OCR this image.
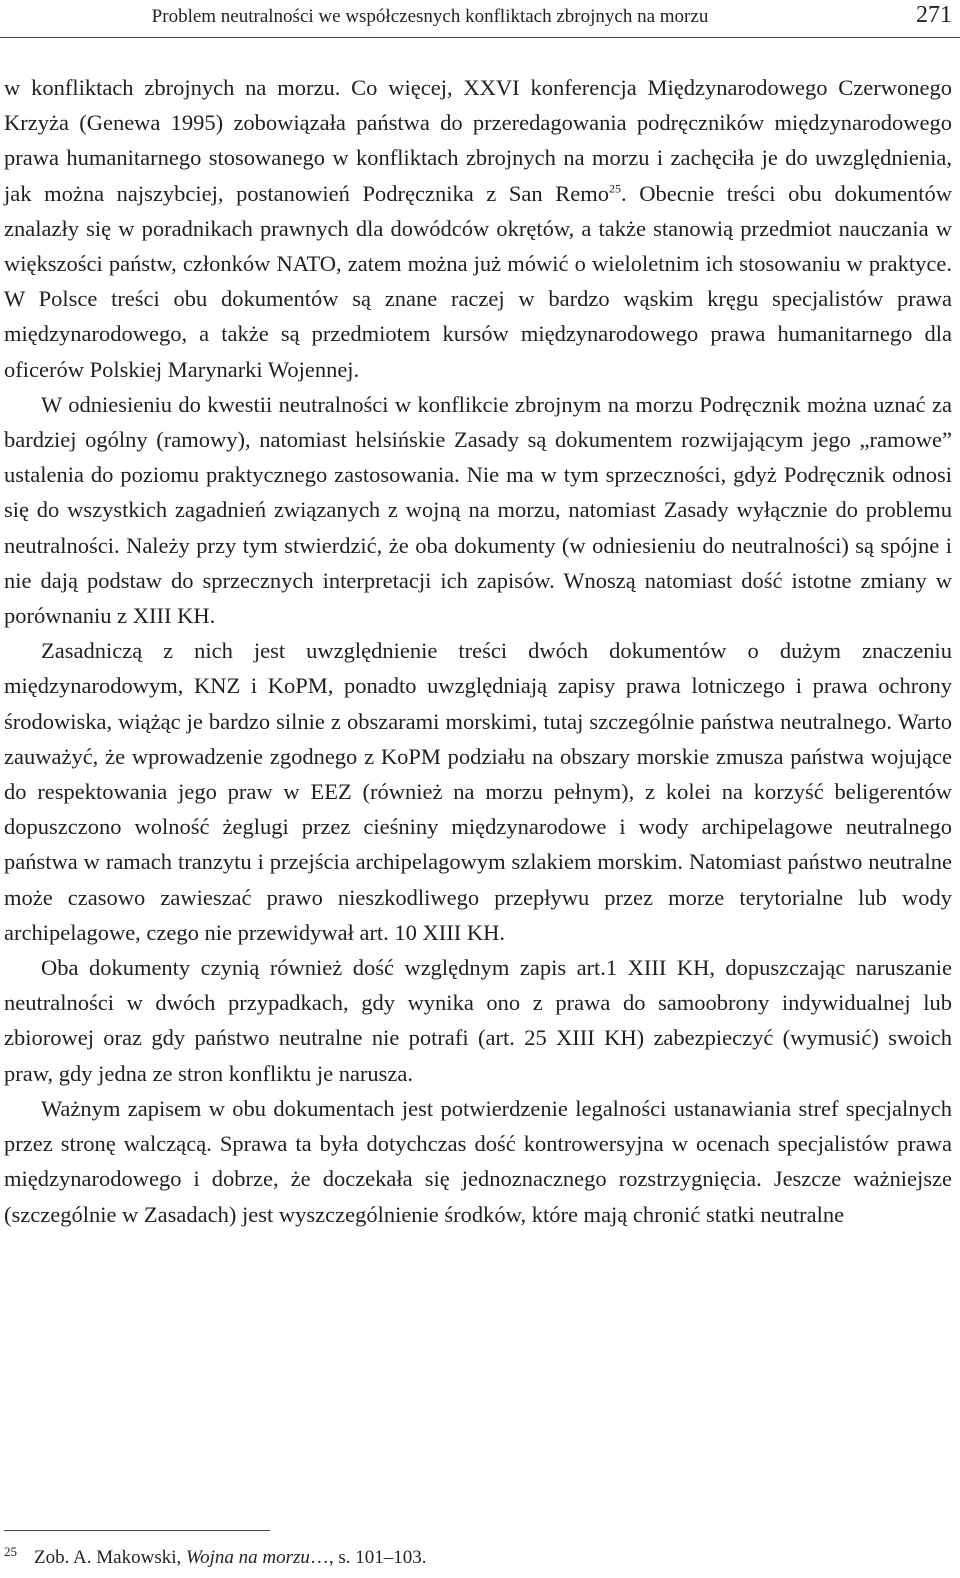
Problem neutralności we współczesnych konfliktach zbrojnych na morzu	271

w konfliktach zbrojnych na morzu. Co więcej, XXVI konferencja Międzynarodowego Czerwonego Krzyża (Genewa 1995) zobowiązała państwa do przeredagowania podręczników międzynarodowego prawa humanitarnego stosowanego w konfliktach zbrojnych na morzu i zachęciła je do uwzględnienia, jak można najszybciej, postanowień Podręcznika z San Remo$^{25}$. Obecnie treści obu dokumentów znalazły się w poradnikach prawnych dla dowódców okrętów, a także stanowią przedmiot nauczania w większości państw, członków NATO, zatem można już mówić o wieloletnim ich stosowaniu w praktyce. W Polsce treści obu dokumentów są znane raczej w bardzo wąskim kręgu specjalistów prawa międzynarodowego, a także są przedmiotem kursów międzynarodowego prawa humanitarnego dla oficerów Polskiej Marynarki Wojennej.

W odniesieniu do kwestii neutralności w konflikcie zbrojnym na morzu Podręcznik można uznać za bardziej ogólny (ramowy), natomiast helsińskie Zasady są dokumentem rozwijającym jego „ramowe” ustalenia do poziomu praktycznego zastosowania. Nie ma w tym sprzeczności, gdyż Podręcznik odnosi się do wszystkich zagadnień związanych z wojną na morzu, natomiast Zasady wyłącznie do problemu neutralności. Należy przy tym stwierdzić, że oba dokumenty (w odniesieniu do neutralności) są spójne i nie dają podstaw do sprzecznych interpretacji ich zapisów. Wnoszą natomiast dość istotne zmiany w porównaniu z XIII KH.

Zasadniczą z nich jest uwzględnienie treści dwóch dokumentów o dużym znaczeniu międzynarodowym, KNZ i KoPM, ponadto uwzględniają zapisy prawa lotniczego i prawa ochrony środowiska, wiążąc je bardzo silnie z obszarami morskimi, tutaj szczególnie państwa neutralnego. Warto zauważyć, że wprowadzenie zgodnego z KoPM podziału na obszary morskie zmusza państwa wojujące do respektowania jego praw w EEZ (również na morzu pełnym), z kolei na korzyść beligerentów dopuszczono wolność żeglugi przez cieśniny międzynarodowe i wody archipelagowe neutralnego państwa w ramach tranzytu i przejścia archipelagowym szlakiem morskim. Natomiast państwo neutralne może czasowo zawieszać prawo nieszkodliwego przepływu przez morze terytorialne lub wody archipelagowe, czego nie przewidywał art. 10 XIII KH.

Oba dokumenty czynią również dość względnym zapis art.1 XIII KH, dopuszczając naruszanie neutralności w dwóch przypadkach, gdy wynika ono z prawa do samoobrony indywidualnej lub zbiorowej oraz gdy państwo neutralne nie potrafi (art. 25 XIII KH) zabezpieczyć (wymusić) swoich praw, gdy jedna ze stron konfliktu je narusza.

Ważnym zapisem w obu dokumentach jest potwierdzenie legalności ustanawiania stref specjalnych przez stronę walczącą. Sprawa ta była dotychczas dość kontrowersyjna w ocenach specjalistów prawa międzynarodowego i dobrze, że doczekała się jednoznacznego rozstrzygnięcia. Jeszcze ważniejsze (szczególnie w Zasadach) jest wyszczególnienie środków, które mają chronić statki neutralne

25 Zob. A. Makowski, Wojna na morzu…, s. 101–103.
